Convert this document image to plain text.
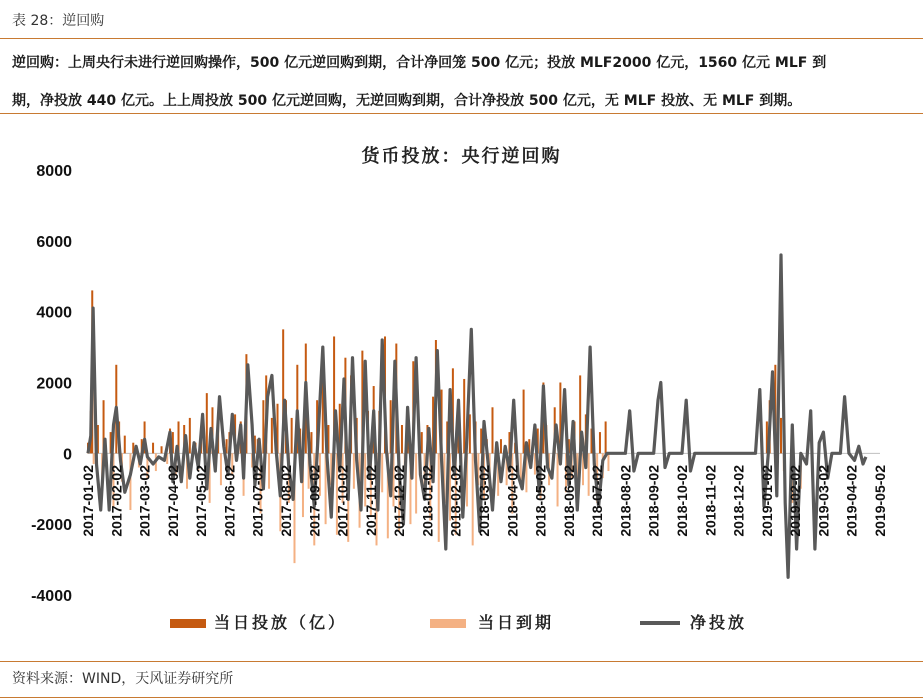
表 28：逆回购
逆回购：上周央行未进行逆回购操作，500 亿元逆回购到期，合计净回笼 500 亿元；投放 MLF2000 亿元，1560 亿元 MLF 到
期，净投放 440 亿元。上上周投放 500 亿元逆回购，无逆回购到期，合计净投放 500 亿元，无 MLF 投放、无 MLF 到期。
货币投放：央行逆回购
8000
6000
4000
2000
0
-2000
-4000
2017-01-02 2017-02-02 2017-03-02 2017-04-02 2017-05-02 2017-06-02 2017-07-02 2017-08-02 2017-09-02 2017-10-02 2017-11-02 2017-12-02 2018-01-02 2018-02-02 2018-03-02 2018-04-02 2018-05-02 2018-06-02 2018-07-02 2018-08-02 2018-09-02 2018-10-02 2018-11-02 2018-12-02 2019-01-02 2019-02-02 2019-03-02 2019-04-02 2019-05-02
当日投放（亿）	当日到期	净投放
资料来源：WIND，天风证券研究所
